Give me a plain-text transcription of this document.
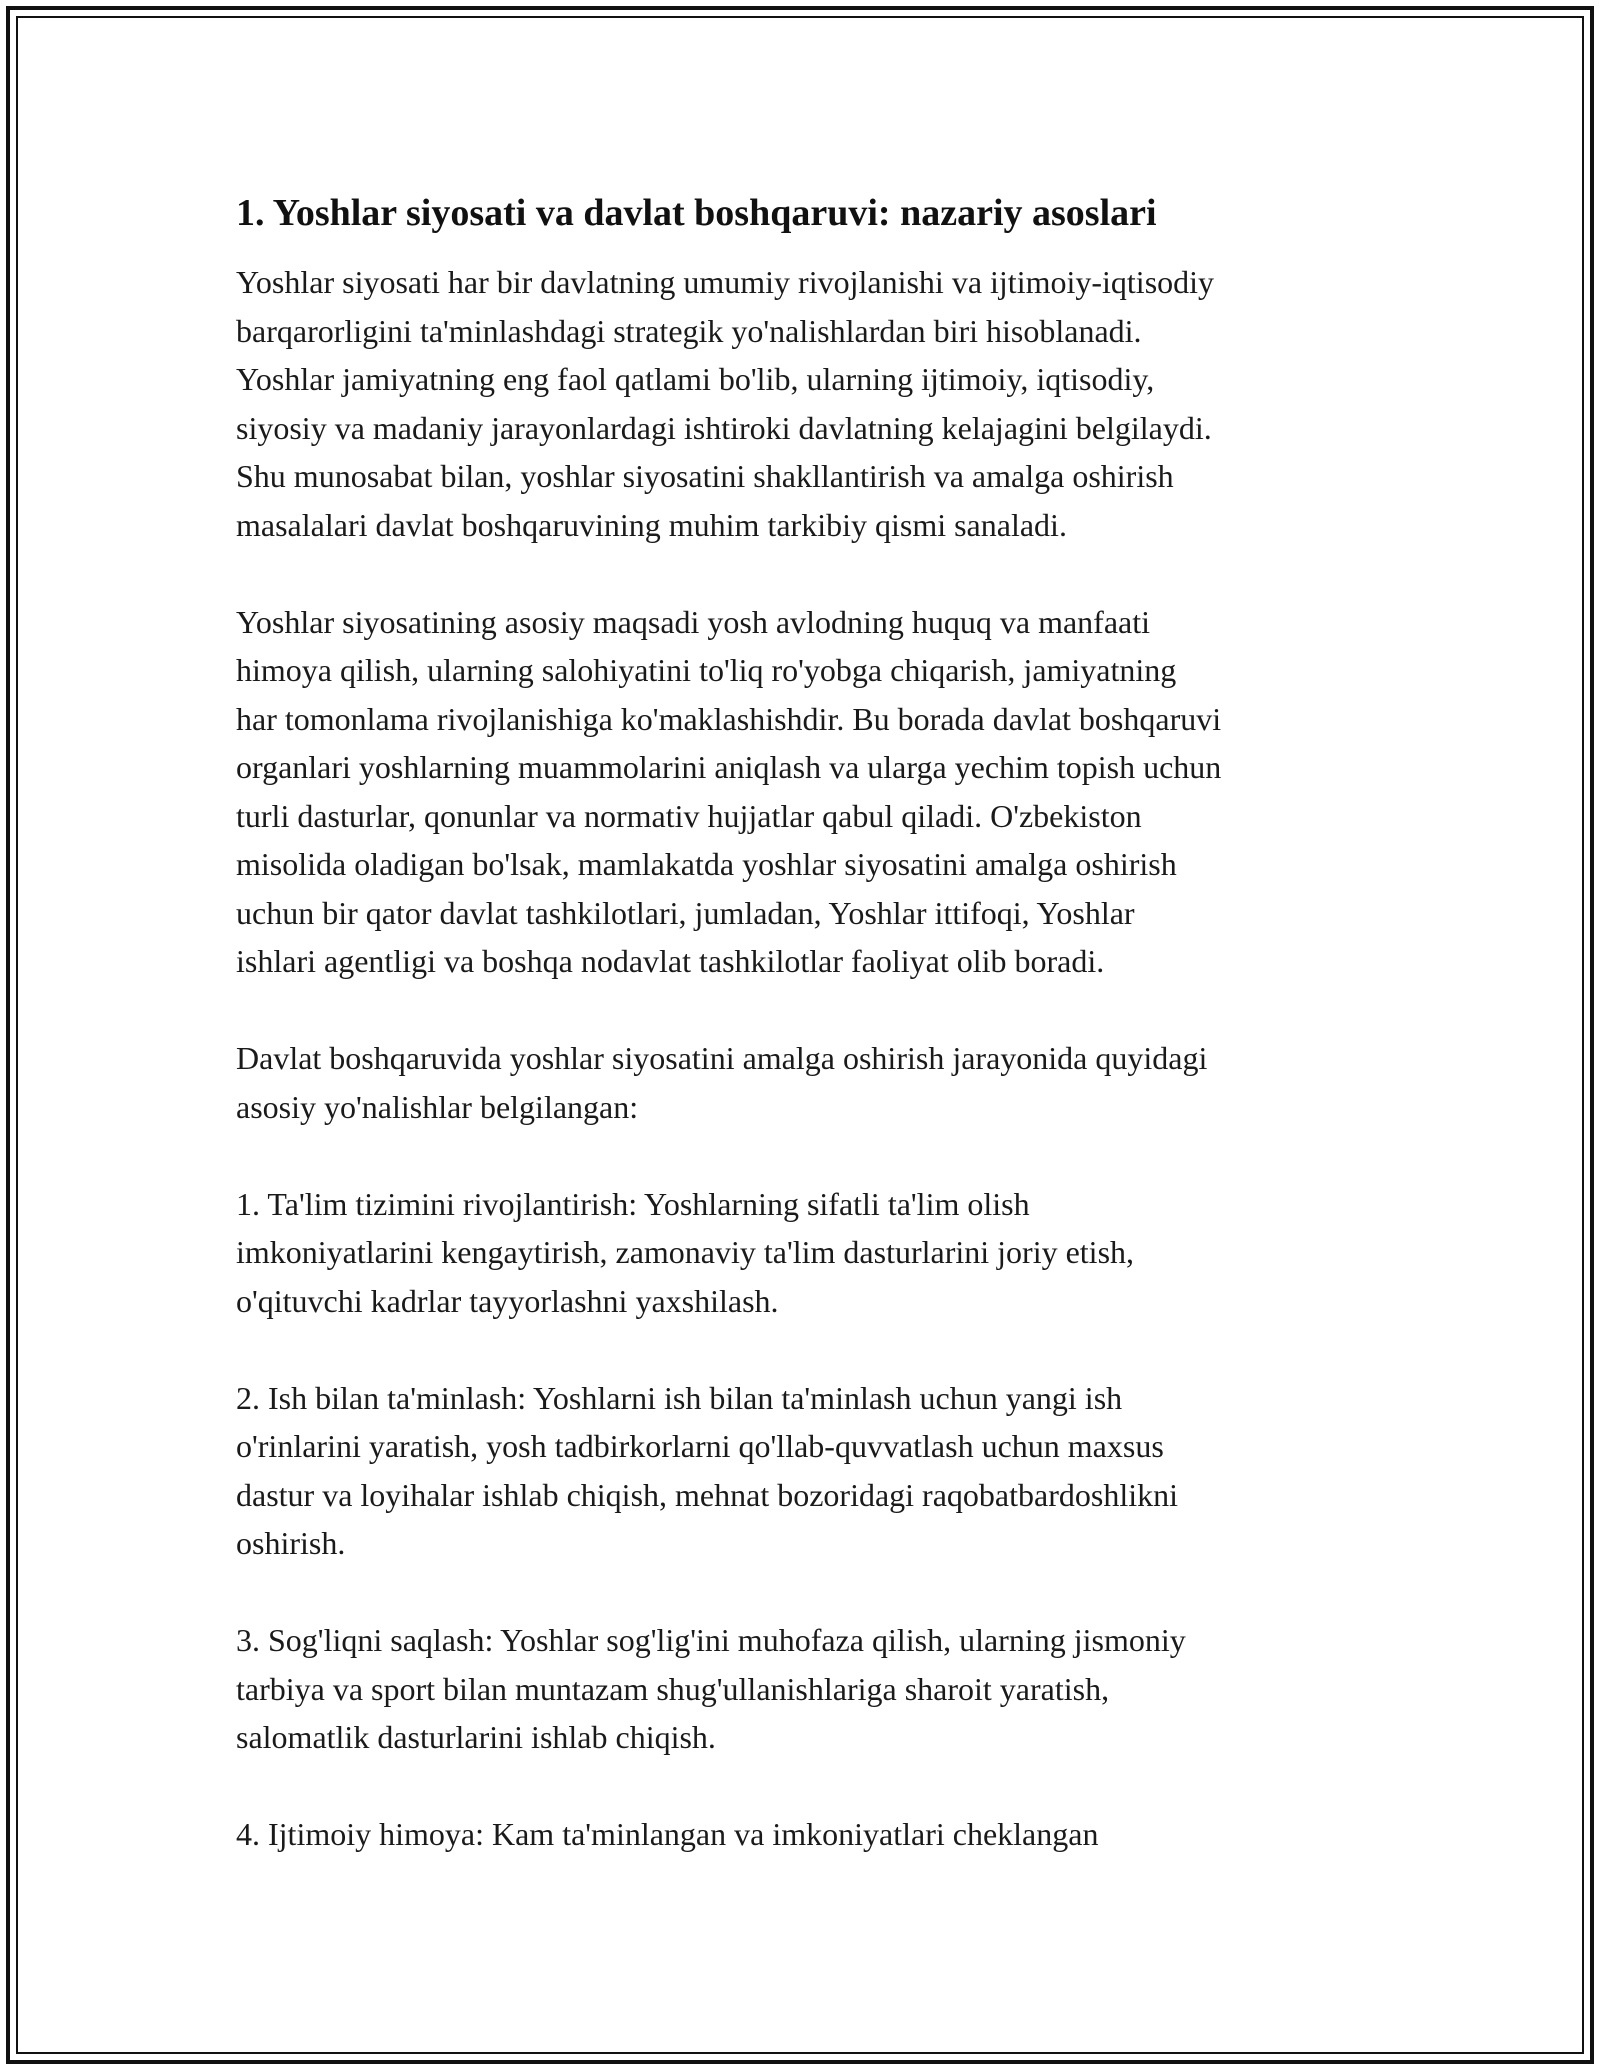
1. Yoshlar siyosati va davlat boshqaruvi: nazariy asoslari

Yoshlar siyosati har bir davlatning umumiy rivojlanishi va ijtimoiy-iqtisodiy
barqarorligini ta'minlashdagi strategik yo'nalishlardan biri hisoblanadi.
Yoshlar jamiyatning eng faol qatlami bo'lib, ularning ijtimoiy, iqtisodiy,
siyosiy va madaniy jarayonlardagi ishtiroki davlatning kelajagini belgilaydi.
Shu munosabat bilan, yoshlar siyosatini shakllantirish va amalga oshirish
masalalari davlat boshqaruvining muhim tarkibiy qismi sanaladi.

Yoshlar siyosatining asosiy maqsadi yosh avlodning huquq va manfaati
himoya qilish, ularning salohiyatini to'liq ro'yobga chiqarish, jamiyatning
har tomonlama rivojlanishiga ko'maklashishdir. Bu borada davlat boshqaruvi
organlari yoshlarning muammolarini aniqlash va ularga yechim topish uchun
turli dasturlar, qonunlar va normativ hujjatlar qabul qiladi. O'zbekiston
misolida oladigan bo'lsak, mamlakatda yoshlar siyosatini amalga oshirish
uchun bir qator davlat tashkilotlari, jumladan, Yoshlar ittifoqi, Yoshlar
ishlari agentligi va boshqa nodavlat tashkilotlar faoliyat olib boradi.

Davlat boshqaruvida yoshlar siyosatini amalga oshirish jarayonida quyidagi
asosiy yo'nalishlar belgilangan:

1. Ta'lim tizimini rivojlantirish: Yoshlarning sifatli ta'lim olish
imkoniyatlarini kengaytirish, zamonaviy ta'lim dasturlarini joriy etish,
o'qituvchi kadrlar tayyorlashni yaxshilash.

2. Ish bilan ta'minlash: Yoshlarni ish bilan ta'minlash uchun yangi ish
o'rinlarini yaratish, yosh tadbirkorlarni qo'llab-quvvatlash uchun maxsus
dastur va loyihalar ishlab chiqish, mehnat bozoridagi raqobatbardoshlikni
oshirish.

3. Sog'liqni saqlash: Yoshlar sog'lig'ini muhofaza qilish, ularning jismoniy
tarbiya va sport bilan muntazam shug'ullanishlariga sharoit yaratish,
salomatlik dasturlarini ishlab chiqish.

4. Ijtimoiy himoya: Kam ta'minlangan va imkoniyatlari cheklangan
